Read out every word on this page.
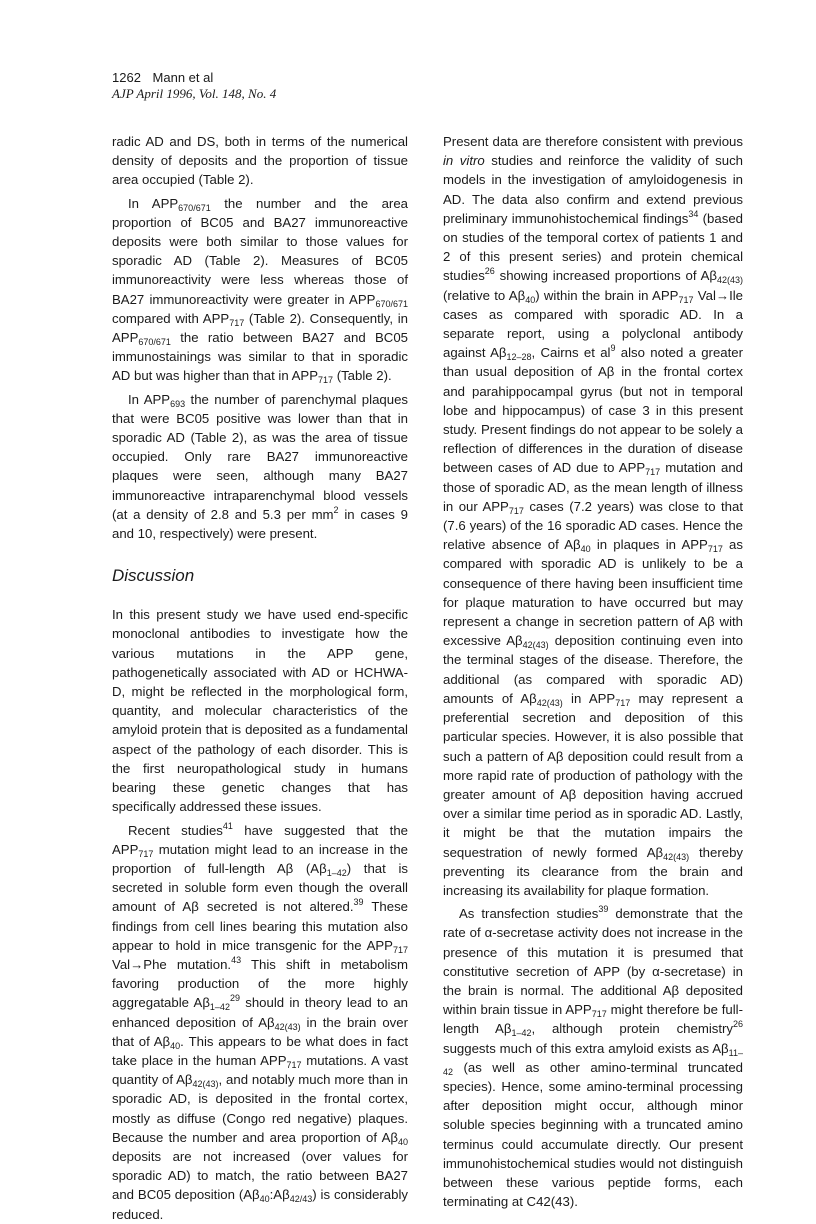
1262 Mann et al
AJP April 1996, Vol. 148, No. 4

radic AD and DS, both in terms of the numerical density of deposits and the proportion of tissue area occupied (Table 2).

In $APP_{670/671}$ the number and the area proportion of BC05 and BA27 immunoreactive deposits were both similar to those values for sporadic AD (Table 2). Measures of BC05 immunoreactivity were less whereas those of BA27 immunoreactivity were greater in $APP_{670/671}$ compared with $APP_{717}$ (Table 2). Consequently, in $APP_{670/671}$ the ratio between BA27 and BC05 immunostainings was similar to that in sporadic AD but was higher than that in $APP_{717}$ (Table 2).

In $APP_{693}$ the number of parenchymal plaques that were BC05 positive was lower than that in sporadic AD (Table 2), as was the area of tissue occupied. Only rare BA27 immunoreactive plaques were seen, although many BA27 immunoreactive intraparenchymal blood vessels (at a density of 2.8 and 5.3 per $mm^2$ in cases 9 and 10, respectively) were present.

Discussion

In this present study we have used end-specific monoclonal antibodies to investigate how the various mutations in the APP gene, pathogenetically associated with AD or HCHWA-D, might be reflected in the morphological form, quantity, and molecular characteristics of the amyloid protein that is deposited as a fundamental aspect of the pathology of each disorder. This is the first neuropathological study in humans bearing these genetic changes that has specifically addressed these issues.

Recent studies$^{41}$ have suggested that the $APP_{717}$ mutation might lead to an increase in the proportion of full-length Aβ $(A\beta_{1-42})$ that is secreted in soluble form even though the overall amount of Aβ secreted is not altered.$^{39}$ These findings from cell lines bearing this mutation also appear to hold in mice transgenic for the $APP_{717}$ Val→Phe mutation.$^{43}$ This shift in metabolism favoring production of the more highly aggregatable $A\beta_{1-42}^{29}$ should in theory lead to an enhanced deposition of $A\beta_{42(43)}$ in the brain over that of $A\beta_{40}$. This appears to be what does in fact take place in the human $APP_{717}$ mutations. A vast quantity of $A\beta_{42(43)}$, and notably much more than in sporadic AD, is deposited in the frontal cortex, mostly as diffuse (Congo red negative) plaques. Because the number and area proportion of $A\beta_{40}$ deposits are not increased (over values for sporadic AD) to match, the ratio between BA27 and BC05 deposition $(A\beta_{40}:A\beta_{42/43})$ is considerably reduced.

Present data are therefore consistent with previous in vitro studies and reinforce the validity of such models in the investigation of amyloidogenesis in AD. The data also confirm and extend previous preliminary immunohistochemical findings$^{34}$ (based on studies of the temporal cortex of patients 1 and 2 of this present series) and protein chemical studies$^{26}$ showing increased proportions of $A\beta_{42(43)}$ (relative to $A\beta_{40}$) within the brain in $APP_{717}$ Val→Ile cases as compared with sporadic AD. In a separate report, using a polyclonal antibody against $A\beta_{12-28}$, Cairns et $al^9$ also noted a greater than usual deposition of Aβ in the frontal cortex and parahippocampal gyrus (but not in temporal lobe and hippocampus) of case 3 in this present study. Present findings do not appear to be solely a reflection of differences in the duration of disease between cases of AD due to $APP_{717}$ mutation and those of sporadic AD, as the mean length of illness in our $APP_{717}$ cases (7.2 years) was close to that (7.6 years) of the 16 sporadic AD cases. Hence the relative absence of $A\beta_{40}$ in plaques in $APP_{717}$ as compared with sporadic AD is unlikely to be a consequence of there having been insufficient time for plaque maturation to have occurred but may represent a change in secretion pattern of Aβ with excessive $A\beta_{42(43)}$ deposition continuing even into the terminal stages of the disease. Therefore, the additional (as compared with sporadic AD) amounts of $A\beta_{42(43)}$ in $APP_{717}$ may represent a preferential secretion and deposition of this particular species. However, it is also possible that such a pattern of Aβ deposition could result from a more rapid rate of production of pathology with the greater amount of Aβ deposition having accrued over a similar time period as in sporadic AD. Lastly, it might be that the mutation impairs the sequestration of newly formed $A\beta_{42(43)}$ thereby preventing its clearance from the brain and increasing its availability for plaque formation.

As transfection studies$^{39}$ demonstrate that the rate of α-secretase activity does not increase in the presence of this mutation it is presumed that constitutive secretion of APP (by α-secretase) in the brain is normal. The additional Aβ deposited within brain tissue in $APP_{717}$ might therefore be full-length $A\beta_{1-42}$, although protein chemistry$^{26}$ suggests much of this extra amyloid exists as $A\beta_{11-42}$ (as well as other amino-terminal truncated species). Hence, some amino-terminal processing after deposition might occur, although minor soluble species beginning with a truncated amino terminus could accumulate directly. Our present immunohistochemical studies would not distinguish between these various peptide forms, each terminating at C42(43).
